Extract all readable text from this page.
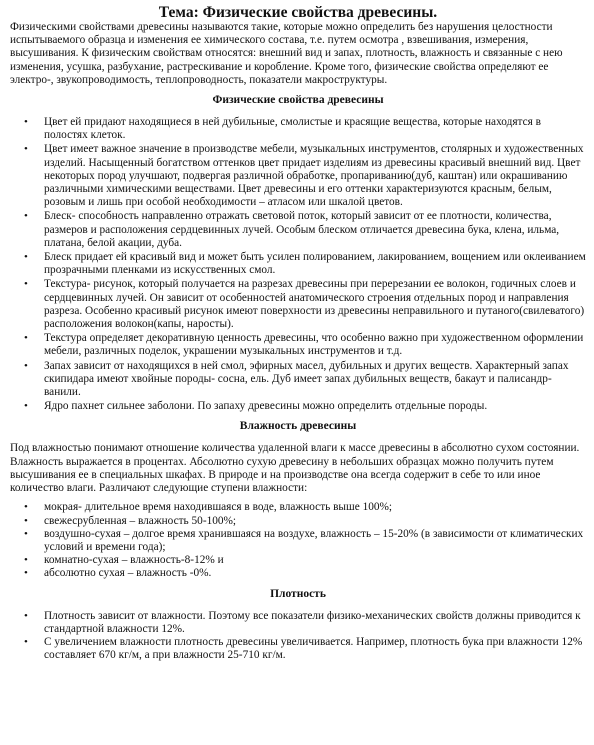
Тема: Физические свойства древесины.

Физическими свойствами древесины называются такие, которые можно определить без нарушения целостности испытываемого образца и изменения ее химического состава, т.е. путем осмотра , взвешивания, измерения, высушивания. К физическим свойствам относятся: внешний вид и запах, плотность, влажность и связанные с нею изменения, усушка, разбухание, растрескивание и коробление. Кроме того, физические свойства определяют ее электро-, звукопроводимость, теплопроводность, показатели макроструктуры.

Физические свойства древесины
• Цвет ей придают находящиеся в ней дубильные, смолистые и красящие вещества, которые находятся в полостях клеток.
• Цвет имеет важное значение в производстве мебели, музыкальных инструментов, столярных и художественных изделий. Насыщенный богатством оттенков цвет придает изделиям из древесины красивый внешний вид. Цвет некоторых пород улучшают, подвергая различной обработке, пропариванию(дуб, каштан) или окрашиванию различными химическими веществами. Цвет древесины и его оттенки характеризуются красным, белым, розовым и лишь при особой необходимости – атласом или шкалой цветов.
• Блеск- способность направленно отражать световой поток, который зависит от ее плотности, количества, размеров и расположения сердцевинных лучей. Особым блеском отличается древесина бука, клена, ильма, платана, белой акации, дуба.
• Блеск придает ей красивый вид и может быть усилен полированием, лакированием, вощением или оклеиванием прозрачными пленками из искусственных смол.
• Текстура- рисунок, который получается на разрезах древесины при перерезании ее волокон, годичных слоев и сердцевинных лучей. Он зависит от особенностей анатомического строения отдельных пород и направления разреза. Особенно красивый рисунок имеют поверхности из древесины неправильного и путаного(свилеватого) расположения волокон(капы, наросты).
• Текстура определяет декоративную ценность древесины, что особенно важно при художественном оформлении мебели, различных поделок, украшении музыкальных инструментов и т.д.
• Запах зависит от находящихся в ней смол, эфирных масел, дубильных и других веществ. Характерный запах скипидара имеют хвойные породы- сосна, ель. Дуб имеет запах дубильных веществ, бакаут и палисандр- ванили.
• Ядро пахнет сильнее заболони. По запаху древесины можно определить отдельные породы.
Влажность древесины

Под влажностью понимают отношение количества удаленной влаги к массе древесины в абсолютно сухом состоянии. Влажность выражается в процентах. Абсолютно сухую древесину в небольших образцах можно получить путем высушивания ее в специальных шкафах. В природе и на производстве она всегда содержит в себе то или иное количество влаги. Различают следующие ступени влажности:

• мокрая- длительное время находившаяся в воде, влажность выше 100%;
• свежесрубленная – влажность 50-100%;
• воздушно-сухая – долгое время хранившаяся на воздухе, влажность – 15-20% (в зависимости от климатических условий и времени года);
• комнатно-сухая – влажность-8-12% и
• абсолютно сухая – влажность -0%.
Плотность
• Плотность зависит от влажности. Поэтому все показатели физико-механических свойств должны приводится к стандартной влажности 12%.
• С увеличением влажности плотность древесины увеличивается. Например, плотность бука при влажности 12% составляет 670 кг/м, а при влажности 25-710 кг/м.
